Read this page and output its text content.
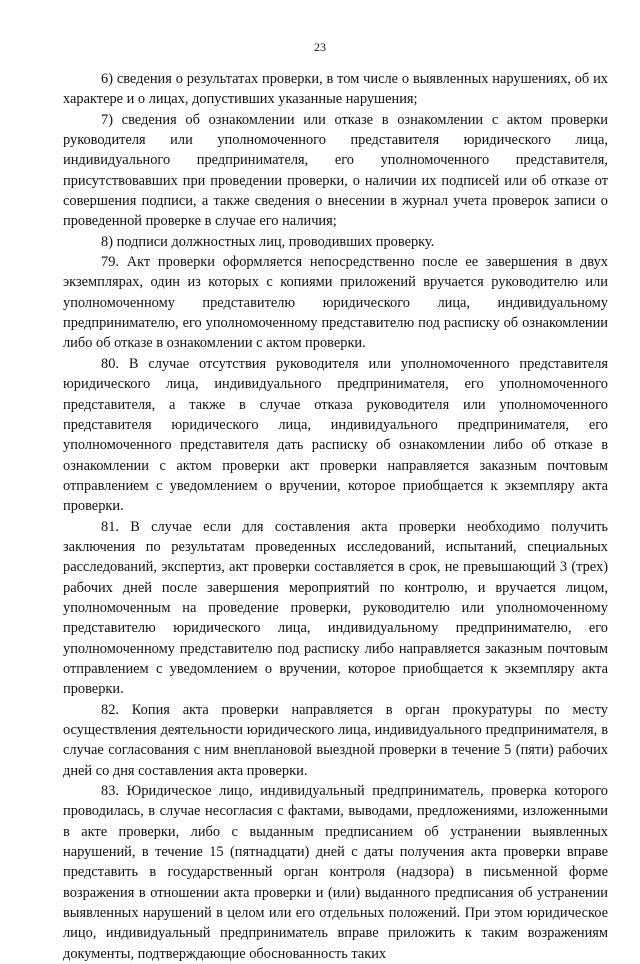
23

6) сведения о результатах проверки, в том числе о выявленных нарушениях, об их характере и о лицах, допустивших указанные нарушения;

7) сведения об ознакомлении или отказе в ознакомлении с актом проверки руководителя или уполномоченного представителя юридического лица, индивидуального предпринимателя, его уполномоченного представителя, присутствовавших при проведении проверки, о наличии их подписей или об отказе от совершения подписи, а также сведения о внесении в журнал учета проверок записи о проведенной проверке в случае его наличия;

8) подписи должностных лиц, проводивших проверку.

79. Акт проверки оформляется непосредственно после ее завершения в двух экземплярах, один из которых с копиями приложений вручается руководителю или уполномоченному представителю юридического лица, индивидуальному предпринимателю, его уполномоченному представителю под расписку об ознакомлении либо об отказе в ознакомлении с актом проверки.

80. В случае отсутствия руководителя или уполномоченного представителя юридического лица, индивидуального предпринимателя, его уполномоченного представителя, а также в случае отказа руководителя или уполномоченного представителя юридического лица, индивидуального предпринимателя, его уполномоченного представителя дать расписку об ознакомлении либо об отказе в ознакомлении с актом проверки акт проверки направляется заказным почтовым отправлением с уведомлением о вручении, которое приобщается к экземпляру акта проверки.

81. В случае если для составления акта проверки необходимо получить заключения по результатам проведенных исследований, испытаний, специальных расследований, экспертиз, акт проверки составляется в срок, не превышающий 3 (трех) рабочих дней после завершения мероприятий по контролю, и вручается лицом, уполномоченным на проведение проверки, руководителю или уполномоченному представителю юридического лица, индивидуальному предпринимателю, его уполномоченному представителю под расписку либо направляется заказным почтовым отправлением с уведомлением о вручении, которое приобщается к экземпляру акта проверки.

82. Копия акта проверки направляется в орган прокуратуры по месту осуществления деятельности юридического лица, индивидуального предпринимателя, в случае согласования с ним внеплановой выездной проверки в течение 5 (пяти) рабочих дней со дня составления акта проверки.

83. Юридическое лицо, индивидуальный предприниматель, проверка которого проводилась, в случае несогласия с фактами, выводами, предложениями, изложенными в акте проверки, либо с выданным предписанием об устранении выявленных нарушений, в течение 15 (пятнадцати) дней с даты получения акта проверки вправе представить в государственный орган контроля (надзора) в письменной форме возражения в отношении акта проверки и (или) выданного предписания об устранении выявленных нарушений в целом или его отдельных положений. При этом юридическое лицо, индивидуальный предприниматель вправе приложить к таким возражениям документы, подтверждающие обоснованность таких
